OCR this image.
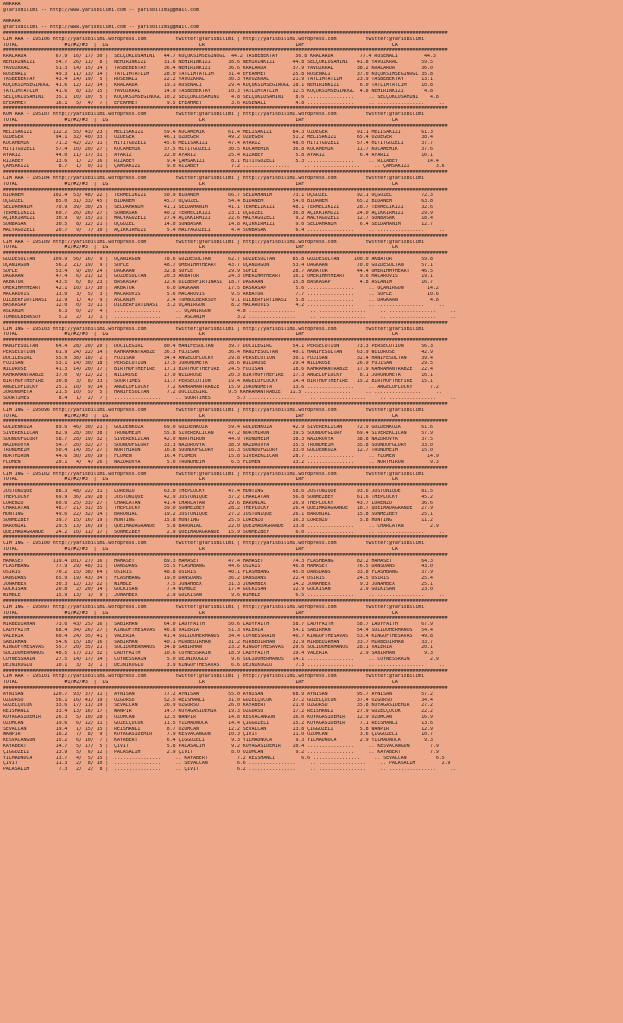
ANKARA
@TarisBilimi -- http://www.yarisbilimi.com -- yarisbilimi@gmail.com

ANKARA
@YarisBilimi -- http://www.yarisbilimi.com -- yarisbilimi@gmail.com
########################################################################################################################################################
CIM ARA - 195106 http://yarisbilimi.wordpress.com          twitter:@YarisBilimi | http://yarisbilimi.wordpress.com          twitter:@YarisBilimi
TOTAL                #1/#2/#3  |  LG                               LR                               LRF                              LA
########################################################################################################################################################
KRALARDA          67.9  16/ 17/ 30 |  SELÇUKLUSAHINI   44.7 KÜÇÜKSIMSEGINOGL  44.2 TASBEBEKTAY      56.8 KRALARDA         77.4 RUSENALI         44.3
NEHIRINKIZI       54.7  26/ 11/  8 |  NEHIRINKIZI      31.6 NEHIRINKIZI      38.6 NEHIRINKIZI      44.8 SELÇUKLUSAHINI   41.8 YAVUZKRAL        59.5
YAVUZKRAL         51.3  14/ 15/ 14 |  TASBEBEKTAY      36.4 NEHIRINKIZI      36.6 KRALARDA         37.9 YAVUZKRAL        38.2 KRALARDA         36.0
RUSENALI          49.3  11/ 13/ 14 |  TATLIMTATLIM     28.0 TATLIMTATLIM     31.4 EFEAHMET         25.8 RUSENALI         37.0 KÜÇÜKSIMSEGINOGL 35.8
TASBEBEKTAY       43.4  14/ 19/  5 |  RUSENALI         22.2 YAVUZKRAL        30.3 YAVUZKRAL        21.9 TATLIMTATLIM     23.9 TASBEBEKTAY      13.1
KÜÇÜKSIMSEGINOGL  41.6  12/ 12/ 14 |  KRALARDA         19.1 RUSENALI         29.4 KÜÇÜKSIMSEGINOGL 18.1 NEHIRINKIZI       6.0 TATLIMTATLIM     10.8
TATLIMTATLIM      41.6   8/ 13/ 15 |  YAVUZKRAL        14.9 TASBEBEKTAY      10.3 TATLIMTATLIM     12.5 KÜÇÜKSIMSEGINOGL  4.8 NEHIRINKIZI       4.8
SELÇUKLUSAHINI    35.1  10/ 10/  5 |  KÜÇÜKSIMSEGINOGL 10.2 SELÇUKLUSAHINI    4.8 SELÇUKLUSAHINI    8.6 ................     .. SELÇUKLUSAHINI    4.8
EFEAHMET          16.1   5/  4/  7 |  EFEAHMET          9.5 EFEAHMET          3.6 RUSENALI          4.8 ................     .. ................     ..
########################################################################################################################################################
KUM ARA - 195107 http://yarisbilimi.wordpress.com          twitter:@YarisBilimi | http://yarisbilimi.wordpress.com          twitter:@YarisBilimi
TOTAL                #1/#2/#3  |  LG                               LR                               LRF                              LA
########################################################################################################################################################
MELISAKIZI       112.2  55/ 43/ 23 |  MELISAKIZI       59.4 KOCAMEMIK        61.4 MELISAKIZI       84.3 ÖZDEGER          91.1 MELISAKIZI       61.3
ÖZDEGER           94.1  32/ 40/ 33 |  ÖZDEGER          46.1 ÖZDEGER          49.2 ÖZDEGER          51.2 MELISAKIZI       65.4 ÖZDEGER          38.4
KOCAMEMIK         71.2  42/ 22/ 11 |  HITITGÜZELI      45.6 MELISAKIZI       47.4 AYARIZ           48.0 HITITGÜZELI      57.4 HITITGÜZELI      37.7
HITITGÜZELI       57.4  10/ 20/ 27 |  KOCAMEMIK        37.5 HITITGÜZELI      30.5 KOCAMEMIK        36.8 KOCAMEMIK        11.7 KOCAMEMIK        37.6
AYARIZ            44.0  11/ 17/ 31 |  AYARIZ           22.0 AYARIZ           25.4 RIZABEY           5.8 AYARIZ            6.4 AYARIZ           16.1
RIZABEY           13.6   1/  2/ 16 |  RIZABEY           9.4 ÇAMSAKIZI         8.1 HITITGÜZELI       5.3 ................     .. RIZABEY          14.4
ÇAMSAKIZI          8.7   1/  0/ 11 |  ÇAMSAKIZI         9.0 RIZABEY           7.2 ................     .. ................     .. ÇAMSAKIZI         3.6
########################################################################################################################################################
CIM ARA - 195104 http://yarisbilimi.wordpress.com          twitter:@YarisBilimi | http://yarisbilimi.wordpress.com          twitter:@YarisBilimi
TOTAL                #1/#2/#3  |  LG                               LR                               LRF                              LA
########################################################################################################################################################
BIDANEM          102.4  53/ 48/ 22 |  TERMELIKIZI      50.9 BIDANEM          66.7 SELDAHANIM       73.1 ÜÇGÜZEL          92.1 ÜÇGÜZEL          72.3
ÜÇGÜZEL           85.0  31/ 33/ 45 |  BIDANEM          45.7 ÜÇGÜZEL          54.4 BIDANEM          54.0 BIDANEM          65.2 BIDANEM          63.8
SELDAHANIM        70.9  39/ 30/ 25 |  SELDAHANIM       41.1 SELDAHANIM       41.1 TERMELIKIZI      48.1 TERMELIKIZI      28.7 TERMELIKIZI      32.6
TERMELIKIZI       60.7  26/ 26/ 27 |  SONBASAK         40.2 TERMELIKIZI      23.1 ÜÇGÜZEL          36.8 AÇIKKIRMIZI      24.0 AÇIKKIRMIZI      29.9
AÇIKKIRMIZI       30.9   9/ 15/ 21 |  MALYAGÜZELI      27.4 AÇIKKIRMIZI      22.6 MALYAGÜZELI       9.2 MALYAGÜZELI      12.7 SONBASAK         18.4
SONBASAK          30.5   8/ 12/ 21 |  ÜÇGÜZEL          14.0 SONBASAK         14.8 AÇIKKIRMIZI       9.0 SELDAHANIM        6.4 SELDAHANIM       12.7
MALYAGÜZELI       20.7   9/  7/ 10 |  AÇIKKIRMIZI       5.4 MALYAGÜZELI       4.4 SONBASAK          6.4 ................     .. ................     ..
########################################################################################################################################################
CIM ARA - 195109 http://yarisbilimi.wordpress.com          twitter:@YarisBilimi | http://yarisbilimi.wordpress.com          twitter:@YarisBilimi
TOTAL                #1/#2/#3  |  LG                               LR                               LRF                              LA
########################################################################################################################################################
GÖZDESULTAN      109.9  56/ 16/  9 |  UÇANIRGÜN        78.6 GÖZDESULTAN      62.7 GÖZDESULTAN      85.8 GÖZDESULTAN     100.0 AKBATUR          59.8
UÇANIRGÜN         56.2  21/ 19/  9 |  SUFLE            48.7 ÖMERIHMYHEART    43.7 UÇANIRGÜN        53.4 DAGKAAN          70.0 GÖZDESULTAN      57.1
SUFLE             53.4   9/ 20/ 24 |  DAGKAAN          32.8 SUFLE            29.9 SUFLE            28.7 AKBATUR          44.4 ÖMERIHMYHEART    46.5
DAGKAAN           47.4   6/ 21/ 12 |  GÖZDESULTAN      20.3 AKBATUR          24.3 ÖMERIHMYHEART    16.1 ÖMERIHMYHEART     9.6 MACAROVIS        19.1
AKBATUR           43.5   6/  8/ 23 |  BASKASAP         12.6 DILBERFIRTINASI  18.7 DAGKAAN          15.8 BASKASAP          4.8 ASLANIM          16.7
ÖMERIHMYHEART     42.1  10/ 17/ 10 |  AKBATUR           6.0 DAGKAAN          17.5 BASKASAP          5.6 ................     .. UÇANIRGÜN        14.2
MACAROVIS         13.0   3/  5/  3 |  MACAROVIS         5.6 MACAROVIS         9.5 AKBATUR           7.7 ................     .. SUFLE            10.6
DILBERFIRTINASI   12.9   1/  4/  9 |  ASLANIM           2.4 TUMBULBERKSOY     9.1 DILBERFIRTINASI   5.8 ................     .. DAGKAAN           4.8
BASKASAP          12.0   0/  3/ 11 |  DILBERFIRTINASI   3.2 UÇANIRGÜN         8.2 MACAROVIS         4.2 ................     .. ................     ..
ASLANIM            6.3   0/  2/  4 |  ................     .. UÇANIRGÜN         4.8 ................     .. ................     .. ................     ..
TUMBULBERKSOY      5.2   2/  1/  1 |  ................     .. ASLANIM           3.2 ................     .. ................     .. ................     ..
########################################################################################################################################################
CIM ING - 195103 http://yarisbilimi.wordpress.com          twitter:@YarisBilimi | http://yarisbilimi.wordpress.com          twitter:@YarisBilimi
TOTAL                #1/#2/#3  |  LG                               LR                               LRF                              LA
########################################################################################################################################################
HANIFESULTAN      64.4  28/ 20/ 20 |  DOCILEGIRL       80.4 HANIFESULTAN     39.7 DOCILEGIRL       54.1 PERSECUTION      73.3 PERSECUTION      56.3
PERSECUTION       61.9  24/ 22/ 14 |  KAHRAMANTRABZE   36.3 FUJISAN          36.4 HANIFESULTAN     40.1 HANIFESULTAN     63.9 WILDROSE         42.9
DOCILEGIRL        55.0  38/ 18/  2 |  FUJISAN          34.4 ANGELOFLUCKY     29.8 PERSECUTION      30.1 FUJISAN          32.4 HANIFESULTAN     39.4
FUJISAN           53.1  14/ 30/ 18 |  PERSECUTION      17.5 JURONOMETA       28.6 WILDROSE         29.4 WILDROSE         26.9 FUJISAN          29.5
WILDROSE          41.3  14/ 20/ 17 |  BIRTHOFTHEFIRE   17.1 BIRTHOFTHEFIRE   24.5 FUJISAN          18.6 KAHRAMANTRABZE   17.9 KAHRAMANTRABZE   22.4
KAHRAMANTRABZE    37.0   9/ 12/ 22 |  WILDROSE         17.0 WILDROSE         20.3 BIRTHOFTHEFIRE   17.3 ANGELOFLUCKY      8.1 JURONOMETA       16.1
BIRTHOFTHEFIRE    30.8   3/  8/ 33 |  SOURTIMES        11.7 PERSECUTION      19.4 ANGELOFLUCKY     14.4 BIRTHOFTHEFIRE   15.2 BIRTHOFTHEFIRE   15.1
ANGELOFLUCKY      25.1  10/  9/ 14 |  ANGELOFLUCKY      7.2 KAHRAMANTRABZE   15.9 JURONOMETA       13.6 ................     .. ANGELOFLUCKY      7.2
JURONOMETA        21.5  10/  5/  5 |  HANIFESULTAN      7.2 DOCILEGIRL       9.5 KAHRAMANTRABZE   11.5 ................     .. ................     ..
SOURTIMES          8.4   1/  2/  7 |  ................     .. SOURTIMES         5.7 ................     .. ................     .. ................     ..
########################################################################################################################################################
CIM ING - 195096 http://yarisbilimi.wordpress.com          twitter:@YarisBilimi | http://yarisbilimi.wordpress.com          twitter:@YarisBilimi
TOTAL                #1/#2/#3  |  LG                               LR                               LRF                              LA
########################################################################################################################################################
GOLDENKOZA        89.6  46/ 30/ 21 |  GOLDENKOZA       69.0 GOLDENKOZA       59.4 GOLDENKOZA       42.9 SIVEREKLICAN     72.9 GOLDENKOZA       61.6
SIVEREKLICAN      82.9  28/ 30/ 38 |  TRONDHEIM        55.8 SIVEREKLICAN     47.2 NORTHIRON        39.5 SOUNDOFGLORY     69.4 SIVEREKLICAN     57.9
SOUNDOFGLORY      58.7  28/ 19/ 32 |  SIVEREKLICAN     42.0 NORTHIRON        44.9 TRONDHEIM        38.3 NAZDROVYA        38.8 NAZDROVYA        37.5
NAZDROVYA         54.7  20/ 32/ 27 |  SOUNDOFGLORY     33.3 NAZDROVYA        38.9 NAZDROVYA        35.5 TRONDHEIM        35.8 SOUNDOFGLORY     33.0
TRONDHEIM         50.4  14/ 35/ 27 |  NORTHIRON        16.8 SOUNDOFGLORY     16.3 SOUNDOFGLORY     33.0 GOLDENKOZA       12.7 TRONDHEIM        15.0
NORTHIRON         44.6  30/ 20/ 19 |  FLUMEN           16.4 FLUMEN           15.8 SIVEREKLICAN     28.7 ................     .. FLUMEN           14.9
FLUMEN            20.1   4/  4/ 26 |  NAZDROVYA         5.0 TRONDHEIM         6.5 FLUMEN           13.2 ................     .. NORTHIRON         9.3
########################################################################################################################################################
CIM ING - 195102 http://yarisbilimi.wordpress.com          twitter:@YarisBilimi | http://yarisbilimi.wordpress.com          twitter:@YarisBilimi
TOTAL                #1/#2/#3  |  LG                               LR                               LRF                              LA
########################################################################################################################################################
JUSTUNIQUE        88.3  48/ 22/ 31 |  LORENZO          63.0 THEPLUCKY        47.4 HUNTING          58.6 JUSTUNIQUE       93.6 JUSTUNIQUE       81.5
THEPLUCKY         69.9  36/ 29/ 28 |  JUSTUNIQUE       42.9 JUSTUNIQUE       37.2 CHARLATAN        56.8 SÖNMEZBEY        61.6 THEPLUCKY        45.2
LORENZO           60.0  25/ 33/ 27 |  CHARLATAN        41.4 CHARLATAN        29.6 BARONIAL         26.9 THEPLUCKY        43.7 LORENZO          36.6
CHARLATAN         48.7  21/ 31/ 35 |  THEPLUCKY        39.0 SÖNMEZBEY        28.2 THEPLUCKY        26.4 QUEIMADAGRANDE   18.7 QUEIMADAGRANDE   27.9
HUNTING           49.6  22/ 32/ 14 |  BARONIAL         19.2 JUSTUNIQUE       27.2 JUSTUNIQUE       26.1 BARONIAL         15.8 SÖNMEZBEY        25.1
SÖNMEZBEY         39.7  15/ 16/ 19 |  HUNTING          15.8 HUNTING          25.5 LORENZO          16.3 LORENZO           5.8 HUNTING          11.2
BARONIAL          29.5  13/ 16/ 19 |  QUEIMADAGRANDE    5.8 BARONIAL         22.0 QUEIMADAGRANDE   13.8 ................     .. CHARLATAN         2.9
QUEIMADAGRANDE    24.2  10/ 11/ 17 |  SÖNMEZBEY         2.9 QUEIMADAGRANDE   15.9 SÖNMEZBEY         6.0 ................     .. ................     ..
########################################################################################################################################################
CIM ING - 195100 http://yarisbilimi.wordpress.com          twitter:@YarisBilimi | http://yarisbilimi.wordpress.com          twitter:@YarisBilimi
TOTAL                #1/#2/#3  |  LG                               LR                               LRF                              LA
########################################################################################################################################################
HAMASET          119.4 101/ 27/ 16 |  HAMASET          89.3 HAMASET          47.4 HAMASET          74.3 FLASHBANG        82.2 HAMASET          64.3
FLASHBANG         77.9  29/ 48/ 31 |  DANSDANS         55.5 FLASHBANG        44.6 OSIRIS           46.8 HAMASET          76.5 DANSDANS         43.0
OSIRIS            70.2  15/ 38/ 64 |  OSIRIS           48.8 OSIRIS           40.1 FLASHBANG        45.0 DANSDANS         33.8 FLASHBANG        37.9
DANSDANS          65.9  19/ 43/ 34 |  FLASHBANG        19.0 DANSDANS         36.2 DANSDANS         22.4 OSIRIS           24.5 OSIRIS           25.4
JONAHBEX          30.3  12/ 13/ 22 |  WIMBLE            7.5 JONAHBEX         31.3 JONAHBEX         14.2 JONAHBEX          9.3 JONAHBEX         25.1
GÜLKISAN          20.8   2/ 20/ 14 |  GÜLKISAN          7.4 WIMBLE           17.4 GÜLKISAN         12.9 GÜLKISAN          2.9 GÜLKISAN         23.0
WIMBLE            15.9  13/  1/  9 |  JONAHBEX          2.9 GÜLKISAN          9.6 WIMBLE            6.5 ................     .. ................     ..
########################################################################################################################################################
CIM ING - 195097 http://yarisbilimi.wordpress.com          twitter:@YarisBilimi | http://yarisbilimi.wordpress.com          twitter:@YarisBilimi
TOTAL                #1/#2/#3  |  LG                               LR                               LRF                              LA
########################################################################################################################################################
MIRBEDIRHAN       73.6  43/ 25/ 16 |  SABIRHAN         64.0 LADYFAITH        50.6 LADYFAITH        58.7 LADYFAITH        58.7 LADYFAITH        67.9
LADYFAITH         68.4  34/ 26/ 27 |  KINGOFTHESAVAS   46.8 VALERIA          51.3 VALERIA          54.1 SABIRHAN         54.4 SOLIDOHERMANOS   54.4
VALERIA           60.4  24/ 35/ 41 |  VALERIA          41.4 SOLIDOHERMANOS   34.4 COYNESSRAIN      40.7 KINGOFTHESAVAS   53.4 KINGOFTHESAVAS   49.8
SABIRHAN          54.6  15/ 18/ 16 |  SABIRHAN         40.1 MIRBEDIRHAN      31.2 MIRBEDIRHAN      32.9 MIRBEDIRHAN      33.7 MIRBEDIRHAN      33.7
KINGOFTHESAVAS    55.7  20/ 35/ 21 |  SOLIDOHERMANOS   34.8 SABIRHAN         23.2 KINGOFTHESAVAS   29.6 SOLIDOHERMANOS   28.1 VALERIA          20.1
SOLIDOHERMANOS    48.5  17/ 21/ 32 |  LADYFAITH        10.6 COYNESSRAIN      18.9 LADYFAITH        19.4 VALERIA           2.9 SABIRHAN          9.3
COYNESSRAIN       27.5  14/ 17/ 14 |  COYNESSRAIN       5.0 DEJNIKOĞLU        9.6 SOLIDOHERMANOS   14.1 ................     .. COYNESSRAIN       2.9
DEJNIKOĞLU        10.1   3/  3/  1 |  DEJNIKOĞLU        3.9 KINGOFTHESAVAS    6.6 DEJNIKOĞLU        7.3 ................     .. ................     ..
########################################################################################################################################################
CIM ARA - 195101 http://yarisbilimi.wordpress.com          twitter:@YarisBilimi | http://yarisbilimi.wordpress.com          twitter:@YarisBilimi
TOTAL                #1/#2/#3  |  LG                               LR                               LRF                              LA
########################################################################################################################################################
AYNISAN          120.7  93/ 37/ 11 |  AYNISAN          77.2 AYNISAN          55.0 AYNISAN          68.9 AYNISAN          95.7 AYNISAN          57.2
ÖZGÜRSU           56.1  16/ 41/ 19 |  ÖZGÜRSU          52.5 REISHANLI        31.0 GÜZELÇOCUK       37.2 GÜZELÇOCUK       37.4 ÖZGÜRSU          34.4
GÜZELÇOCUK        33.6  17/ 11/ 19 |  SEVALCAN         26.9 ÖZGÜRSU          26.0 KAYABERT         21.0 ÖZGÜRSU          35.8 KÖYAGASIDEMIR    27.2
REISHANLI         33.4  13/ 16/ 17 |  WANPIR           14.7 KÖYAGASIDEMIR    19.3 ÖZGÜRSU          17.2 REISHANLI        27.9 GÜZELÇOCUK       22.2
KÖYAGASIDEMIR     26.3   5/ 10/ 28 |  ÖZÜMCAN          12.5 WANPIR           14.8 KESVACANGÜN      16.0 KÖYAGASIDEMIR    12.9 ÖZÜMCAN          16.9
ÖZÜMCAN           19.6   6/ 12/ 11 |  GÜZELÇOCUK       11.5 YILMADNOCA       14.4 ÇIGGÜZELI        15.2 KÖYAGASIDEMIR     7.1 REISHANLI        13.6
SEVALCAN          19.4   1/ 15/ 15 |  REISHANLI         8.7 ÖZÜMCAN          12.2 SEVALCAN         13.8 ÇIGGÜZELI         5.8 WANPIR           12.9
WANPIR            16.2   7/  8/  9 |  KÖYAGASIDEMIR     7.9 KESVACANGÜN      10.3 ÇIVIT            11.0 ÖZÜMCAN           3.6 ÇIGGÜZELI        10.7
KESVACANGÜN       15.2   6/ 10/  7 |  KAYABERT          6.4 ÇIGGÜZELI         9.3 YILMADNOCA        9.3 YILMADNOCA        2.9 YILMADNOCA        9.3
KAYABERT          14.7   5/ 17/  5 |  ÇIVIT             5.8 PALASALIH         9.2 KÖYAGASIDEMIR    10.4 ................     .. KESVACANGÜN       7.9
ÇIGGÜZELI         13.9   5/  6/ 12 |  PALASALIH         2.9 ÇIVIT             8.0 ÖZÜMCAN           9.2 ................     .. KAYABERT          7.9
YILMADNOCA        13.7   4/  5/ 15 |  ................     .. KAYABERT          7.2 REISHANLI         6.6 ................     .. SEVALCAN          6.5
ÇIVIT             11.3   2/  8/ 10 |  ................     .. SEVALCAN          6.6 ................     .. ................     .. PALASALIH         2.9
PALASALIH          7.3   2/  2/  8 |  ................     .. ÇIVIT             6.2 ................     .. ................     .. ................     ..
